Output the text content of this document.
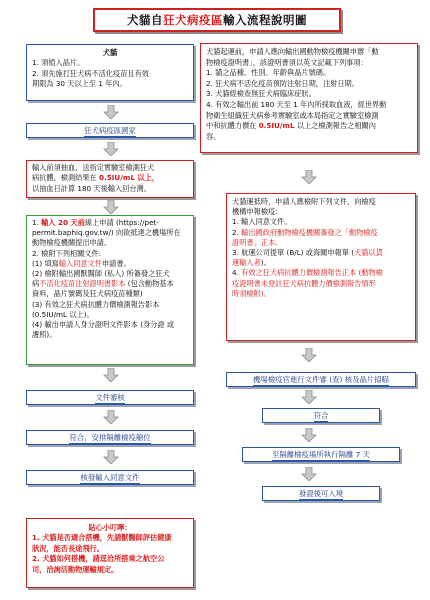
犬貓自 狂犬病疫區 輸入流程說明圖
犬貓
1. 須植入晶片。
2. 須先施打狂犬病不活化疫苗且有效
期限為 30 天以上至 1 年內。
狂犬病疫區國家
輸入前須抽血，送指定實驗室檢測狂犬
病抗體，檢測結果在 0.5IU/mL 以上，
以抽血日計算 180 天後輸入回台灣。
1. 輸入 20 天前線上申請 (https://pet-
permit.baphiq.gov.tw/) 向欲抵達之機場所在
動物檢疫機關提出申請。
2. 檢附下列相關文件:
(1) 填寫輸入同意文件申請書。
(2) 檢附輸出國獸醫師 (私人) 所簽發之狂犬
病不活化疫苗注射證明書影本 (包含動物基本
資料，晶片號碼及狂犬病疫苗種類)
(3) 有效之狂犬病抗體力價檢測報告影本
(0.5IU/mL 以上)。
(4) 輸出申請人身分證明文件影本 (身分證 或
護照)。
文件審核
符合，安排隔離檢疫艙位
核發輸入同意文件
貼心小叮嚀：
1. 犬貓是否適合搭機，先請獸醫師評估健康
狀況，能否長途飛行。
2. 犬貓如何搭機，請逕洽所搭乘之航空公
司，洽詢活動物運輸規定。
犬貓起運前，申請人應向輸出國動物檢疫機關申辦「動
物檢疫證明書」，該證明書須以英文記載下列事項：
1. 貓之品種、性別、年齡與晶片號碼。
2. 狂犬病不活化疫苗預防注射日期，注射日期。
3. 犬貓經檢查無狂犬病臨床症狀。
4. 有效之輸出前 180 天至 1 年內所採取血液，經世界動
物衛生組織狂犬病參考實驗室或本局指定之實驗室檢測
中和抗體力價在 0.5IU/mL 以上之檢測報告之相關內
容。
犬貓運抵時，申請人應檢附下列文件，向檢疫
機構申報檢疫：
1. 輸入同意文件。
2. 輸出國政府動物檢疫機關簽發之「動物檢疫
證明書」正本。
3. 航運公司提單 (B/L) 或海關申報單 (犬貓以貨
運輸入者)。
4. 有效之狂犬病抗體力價檢測報告正本 (動物檢
疫證明書未登註狂犬病抗體力價檢測報告情形
時須檢附)。
機場檢疫官進行文件審 (查) 核及晶片掃瞄
符合
至隔離檢疫場所執行隔離 7 天
發證後可入境
